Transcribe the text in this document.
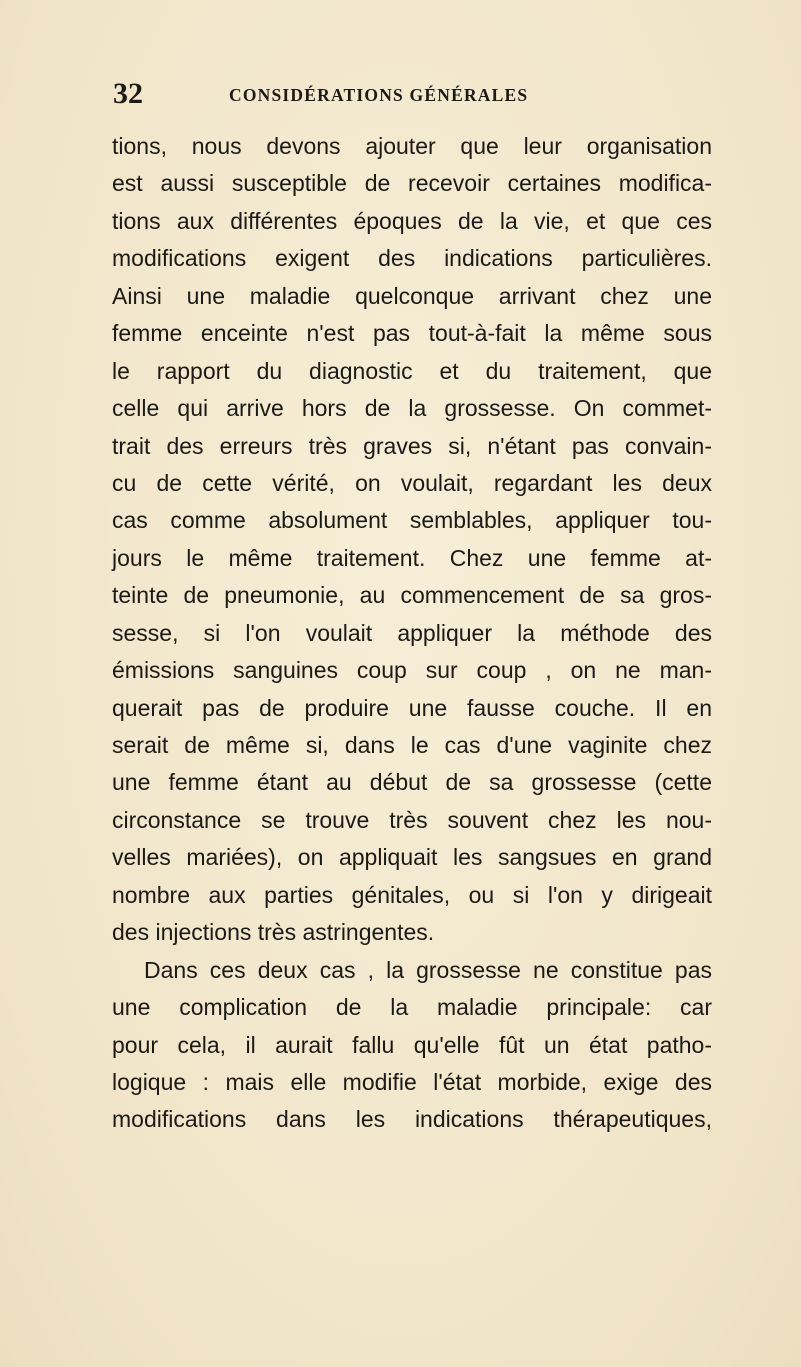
32	CONSIDÉRATIONS GÉNÉRALES
tions, nous devons ajouter que leur organisation
est aussi susceptible de recevoir certaines modifica-
tions aux différentes époques de la vie, et que ces
modifications exigent des indications particulières.
Ainsi une maladie quelconque arrivant chez une
femme enceinte n'est pas tout-à-fait la même sous
le rapport du diagnostic et du traitement, que
celle qui arrive hors de la grossesse. On commet-
trait des erreurs très graves si, n'étant pas convain-
cu de cette vérité, on voulait, regardant les deux
cas comme absolument semblables, appliquer tou-
jours le même traitement. Chez une femme at-
teinte de pneumonie, au commencement de sa gros-
sesse, si l'on voulait appliquer la méthode des
émissions sanguines coup sur coup , on ne man-
querait pas de produire une fausse couche. Il en
serait de même si, dans le cas d'une vaginite chez
une femme étant au début de sa grossesse (cette
circonstance se trouve très souvent chez les nou-
velles mariées), on appliquait les sangsues en grand
nombre aux parties génitales, ou si l'on y dirigeait
des injections très astringentes.
Dans ces deux cas , la grossesse ne constitue pas
une complication de la maladie principale: car
pour cela, il aurait fallu qu'elle fût un état patho-
logique : mais elle modifie l'état morbide, exige des
modifications dans les indications thérapeutiques,
